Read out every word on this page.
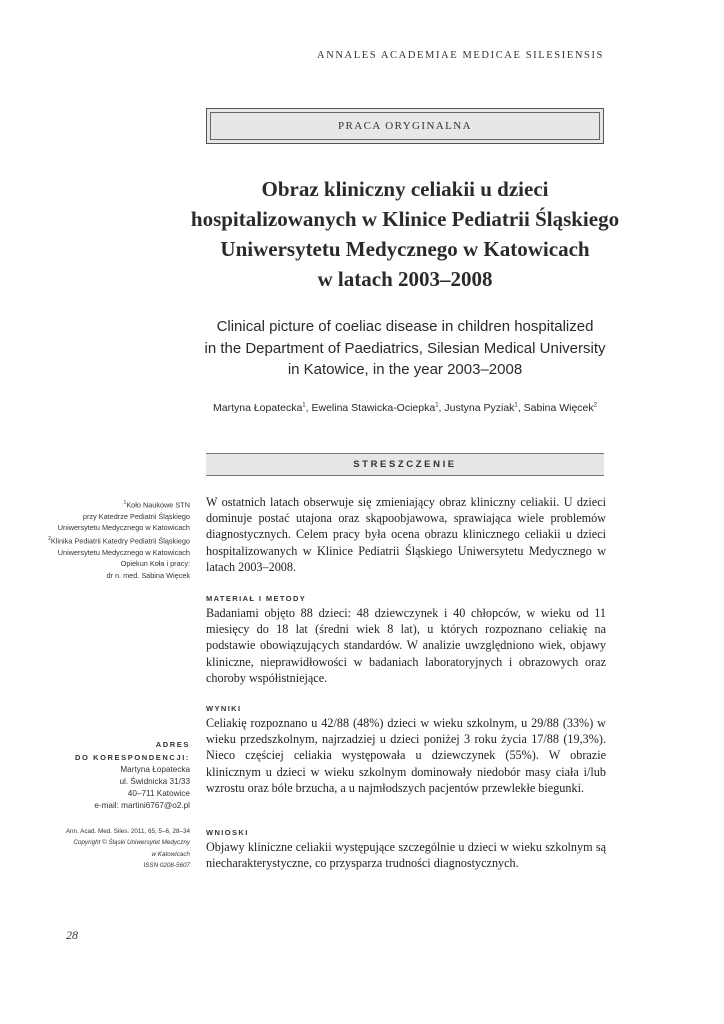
ANNALES ACADEMIAE MEDICAE SILESIENSIS
PRACA ORYGINALNA
Obraz kliniczny celiakii u dzieci
hospitalizowanych w Klinice Pediatrii Śląskiego
Uniwersytetu Medycznego w Katowicach
w latach 2003–2008
Clinical picture of coeliac disease in children hospitalized
in the Department of Paediatrics, Silesian Medical University
in Katowice, in the year 2003–2008
Martyna Łopatecka$^1$, Ewelina Stawicka-Ociepka$^1$, Justyna Pyziak$^1$, Sabina Więcek$^2$
STRESZCZENIE
$^1$Koło Naukowe STN
przy Katedrze Pediatrii Śląskiego
Uniwersytetu Medycznego w Katowicach
$^2$Klinika Pediatrii Katedry Pediatrii Śląskiego
Uniwersytetu Medycznego w Katowicach
Opiekun Koła i pracy:
dr n. med. Sabina Więcek
ADRES
DO KORESPONDENCJI:
Martyna Łopatecka
ul. Świdnicka 31/33
40–711 Katowice
e-mail: martini6767@o2.pl
Ann. Acad. Med. Siles. 2011, 65, 5–6, 28–34
Copyright © Śląski Uniwersytet Medyczny
w Katowicach
ISSN 0208-5607
W ostatnich latach obserwuje się zmieniający obraz kliniczny celiakii. U dzieci dominuje postać utajona oraz skąpoobjawowa, sprawiająca wiele problemów diagnostycznych. Celem pracy była ocena obrazu klinicznego celiakii u dzieci hospitalizowanych w Klinice Pediatrii Śląskiego Uniwersytetu Medycznego w latach 2003–2008.
MATERIAŁ I METODY
Badaniami objęto 88 dzieci: 48 dziewczynek i 40 chłopców, w wieku od 11 miesięcy do 18 lat (średni wiek 8 lat), u których rozpoznano celiakię na podstawie obowiązujących standardów. W analizie uwzględniono wiek, objawy kliniczne, nieprawidłowości w badaniach laboratoryjnych i obrazowych oraz choroby współistniejące.
WYNIKI
Celiakię rozpoznano u 42/88 (48%) dzieci w wieku szkolnym, u 29/88 (33%) w wieku przedszkolnym, najrzadziej u dzieci poniżej 3 roku życia 17/88 (19,3%). Nieco częściej celiakia występowała u dziewczynek (55%). W obrazie klinicznym u dzieci w wieku szkolnym dominowały niedobór masy ciała i/lub wzrostu oraz bóle brzucha, a u najmłodszych pacjentów przewlekłe biegunki.
WNIOSKI
Objawy kliniczne celiakii występujące szczególnie u dzieci w wieku szkolnym są niecharakterystyczne, co przysparza trudności diagnostycznych.
28
